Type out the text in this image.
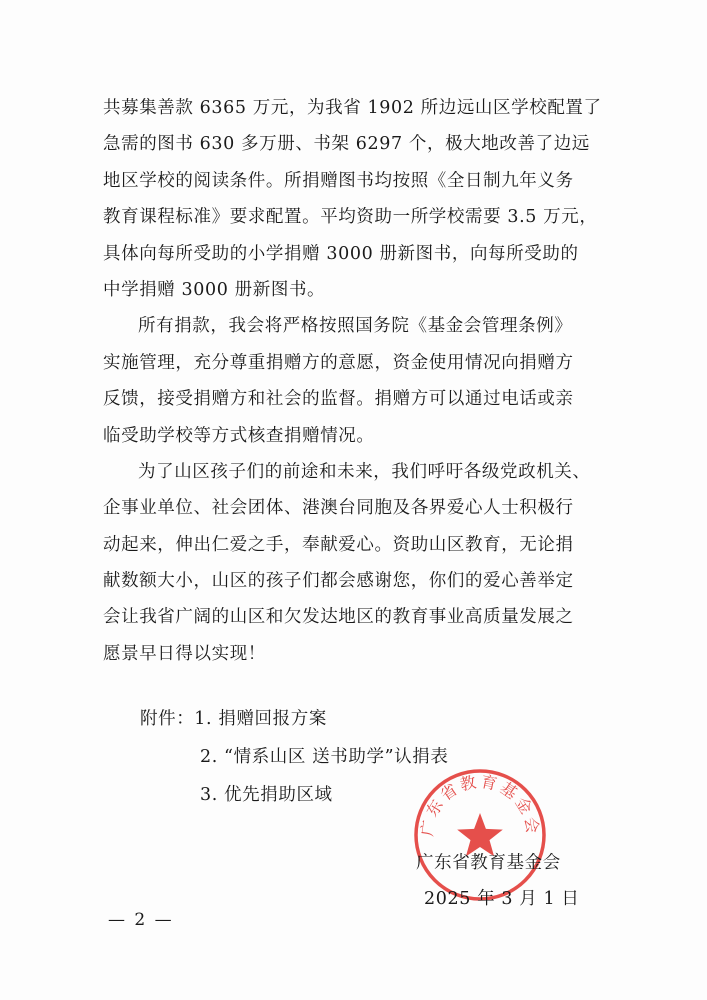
共募集善款 6365 万元，为我省 1902 所边远山区学校配置了
急需的图书 630 多万册、书架 6297 个，极大地改善了边远
地区学校的阅读条件。所捐赠图书均按照《全日制九年义务
教育课程标准》要求配置。平均资助一所学校需要 3.5 万元，
具体向每所受助的小学捐赠 3000 册新图书，向每所受助的
中学捐赠 3000 册新图书。
所有捐款，我会将严格按照国务院《基金会管理条例》
实施管理，充分尊重捐赠方的意愿，资金使用情况向捐赠方
反馈，接受捐赠方和社会的监督。捐赠方可以通过电话或亲
临受助学校等方式核查捐赠情况。
为了山区孩子们的前途和未来，我们呼吁各级党政机关、
企事业单位、社会团体、港澳台同胞及各界爱心人士积极行
动起来，伸出仁爱之手，奉献爱心。资助山区教育，无论捐
献数额大小，山区的孩子们都会感谢您，你们的爱心善举定
会让我省广阔的山区和欠发达地区的教育事业高质量发展之
愿景早日得以实现！
附件：1. 捐赠回报方案
2. “情系山区 送书助学”认捐表
3. 优先捐助区域
广东省教育基金会
广东省教育基金会
2025 年 3 月 1 日
— 2 —
